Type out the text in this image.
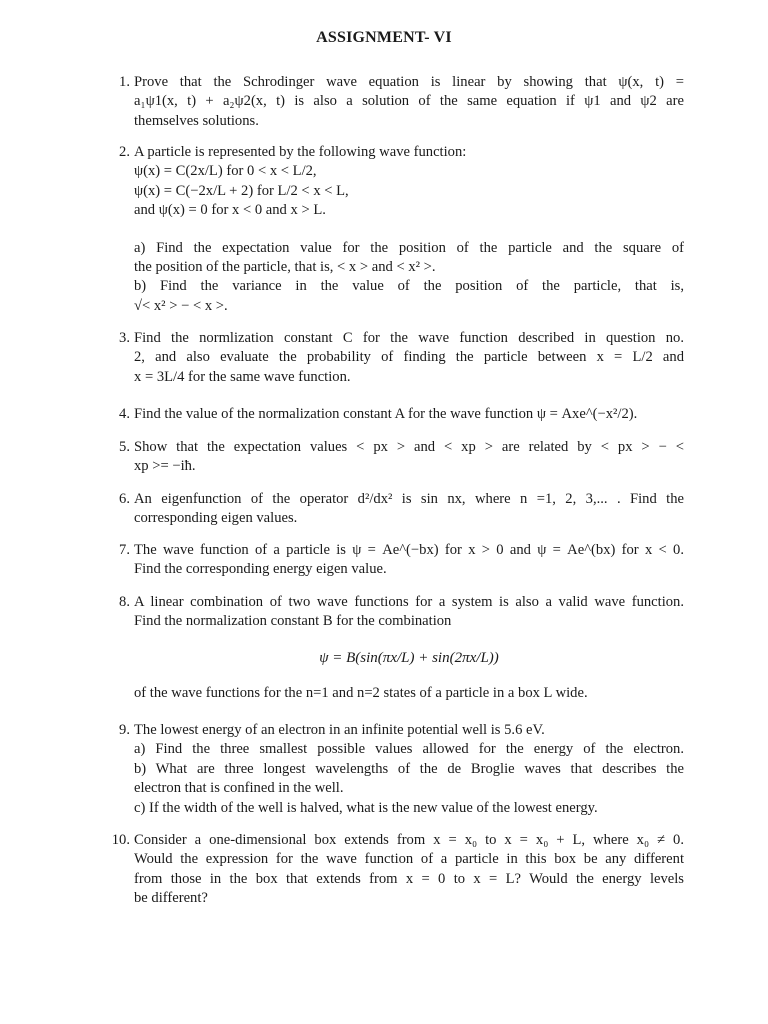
ASSIGNMENT- VI
1. Prove that the Schrodinger wave equation is linear by showing that ψ(x, t) =
a₁ψ1(x, t) + a₂ψ2(x, t) is also a solution of the same equation if ψ1 and ψ2 are
themselves solutions.
2. A particle is represented by the following wave function:
ψ(x) = C(2x/L) for 0 < x < L/2,
ψ(x) = C(−2x/L + 2) for L/2 < x < L,
and ψ(x) = 0 for x < 0 and x > L.
a) Find the expectation value for the position of the particle and the square of
the position of the particle, that is, < x > and < x² >.
b) Find the variance in the value of the position of the particle, that is,
√< x² > − < x >.
3. Find the normlization constant C for the wave function described in question no.
2, and also evaluate the probability of finding the particle between x = L/2 and
x = 3L/4 for the same wave function.
4. Find the value of the normalization constant A for the wave function ψ = Axe^(−x²/2).
5. Show that the expectation values < px > and < xp > are related by < px > − <
xp >= −iħ.
6. An eigenfunction of the operator d²/dx² is sin nx, where n =1, 2, 3,... . Find the
corresponding eigen values.
7. The wave function of a particle is ψ = Ae^(−bx) for x > 0 and ψ = Ae^(bx) for x < 0.
Find the corresponding energy eigen value.
8. A linear combination of two wave functions for a system is also a valid wave function.
Find the normalization constant B for the combination
ψ = B(sin(πx/L) + sin(2πx/L))
of the wave functions for the n=1 and n=2 states of a particle in a box L wide.
9. The lowest energy of an electron in an infinite potential well is 5.6 eV.
a) Find the three smallest possible values allowed for the energy of the electron.
b) What are three longest wavelengths of the de Broglie waves that describes the
electron that is confined in the well.
c) If the width of the well is halved, what is the new value of the lowest energy.
10. Consider a one-dimensional box extends from x = x₀ to x = x₀ + L, where x₀ ≠ 0.
Would the expression for the wave function of a particle in this box be any different
from those in the box that extends from x = 0 to x = L? Would the energy levels
be different?
